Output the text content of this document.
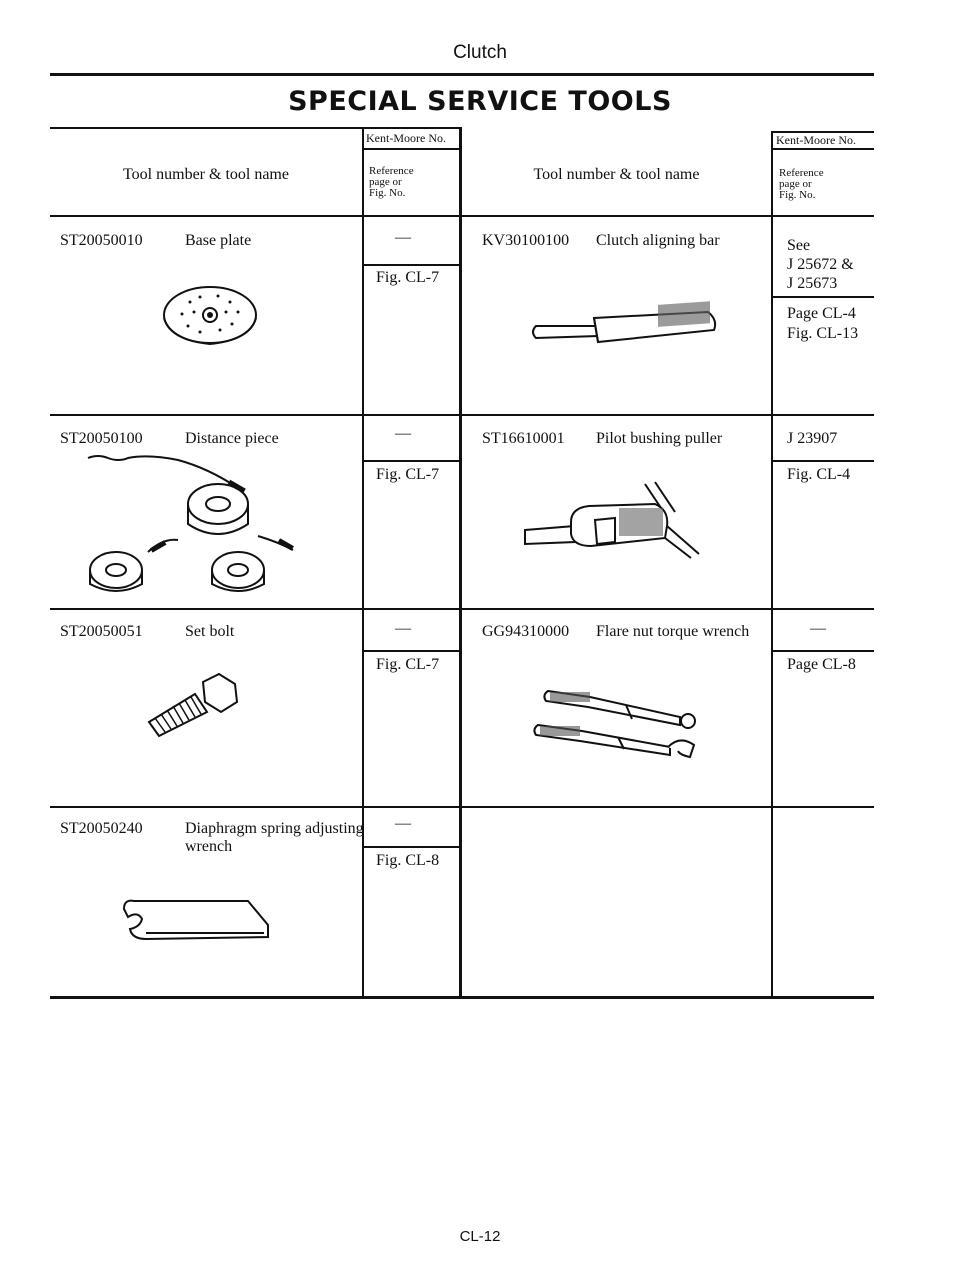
Clutch
SPECIAL SERVICE TOOLS
Tool number & tool name
Kent-Moore No.
Reference
page or
Fig. No.
Tool number & tool name
Kent-Moore No.
Reference
page or
Fig. No.
ST20050010	Base plate	—
Fig. CL-7
ST20050100	Distance piece	—
Fig. CL-7
ST20050051	Set bolt	—
Fig. CL-7
ST20050240	Diaphragm spring adjusting
wrench
—
Fig. CL-8
KV30100100 Clutch aligning bar	See
J 25672 &
J 25673
Page CL-4
Fig. CL-13
ST16610001 Pilot bushing puller	J 23907
Fig. CL-4
GG94310000 Flare nut torque wrench	—
Page CL-8
CL-12
